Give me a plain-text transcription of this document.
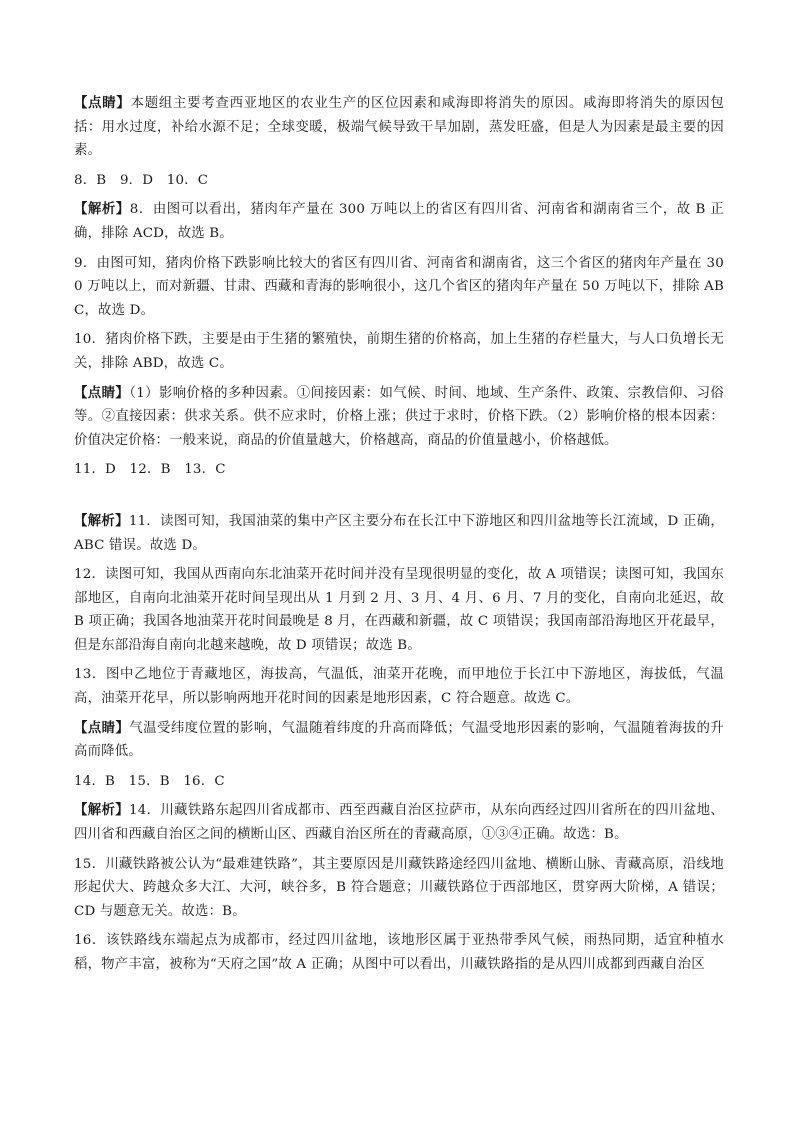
【点睛】本题组主要考查西亚地区的农业生产的区位因素和咸海即将消失的原因。咸海即将消失的原因包括：用水过度，补给水源不足；全球变暖，极端气候导致干旱加剧，蒸发旺盛，但是人为因素是最主要的因素。

8．B　9．D　10．C

【解析】8．由图可以看出，猪肉年产量在 300 万吨以上的省区有四川省、河南省和湖南省三个，故 B 正确，排除 ACD，故选 B。

9．由图可知，猪肉价格下跌影响比较大的省区有四川省、河南省和湖南省，这三个省区的猪肉年产量在 300 万吨以上，而对新疆、甘肃、西藏和青海的影响很小，这几个省区的猪肉年产量在 50 万吨以下，排除 ABC，故选 D。

10．猪肉价格下跌，主要是由于生猪的繁殖快，前期生猪的价格高，加上生猪的存栏量大，与人口负增长无关，排除 ABD，故选 C。

【点睛】（1）影响价格的多种因素。①间接因素：如气候、时间、地域、生产条件、政策、宗教信仰、习俗等。②直接因素：供求关系。供不应求时，价格上涨；供过于求时，价格下跌。（2）影响价格的根本因素：价值决定价格：一般来说，商品的价值量越大，价格越高，商品的价值量越小，价格越低。

11．D　12．B　13．C

【解析】11．读图可知，我国油菜的集中产区主要分布在长江中下游地区和四川盆地等长江流域，D 正确，ABC 错误。故选 D。

12．读图可知，我国从西南向东北油菜开花时间并没有呈现很明显的变化，故 A 项错误；读图可知，我国东部地区，自南向北油菜开花时间呈现出从 1 月到 2 月、3 月、4 月、6 月、7 月的变化，自南向北延迟，故 B 项正确；我国各地油菜开花时间最晚是 8 月，在西藏和新疆，故 C 项错误；我国南部沿海地区开花最早，但是东部沿海自南向北越来越晚，故 D 项错误；故选 B。

13．图中乙地位于青藏地区，海拔高，气温低，油菜开花晚，而甲地位于长江中下游地区，海拔低，气温高，油菜开花早，所以影响两地开花时间的因素是地形因素，C 符合题意。故选 C。

【点睛】气温受纬度位置的影响，气温随着纬度的升高而降低；气温受地形因素的影响，气温随着海拔的升高而降低。

14．B　15．B　16．C

【解析】14．川藏铁路东起四川省成都市、西至西藏自治区拉萨市，从东向西经过四川省所在的四川盆地、四川省和西藏自治区之间的横断山区、西藏自治区所在的青藏高原，①③④正确。故选：B。

15．川藏铁路被公认为“最难建铁路”，其主要原因是川藏铁路途经四川盆地、横断山脉、青藏高原，沿线地形起伏大、跨越众多大江、大河，峡谷多，B 符合题意；川藏铁路位于西部地区，贯穿两大阶梯，A 错误；CD 与题意无关。故选：B。

16．该铁路线东端起点为成都市，经过四川盆地，该地形区属于亚热带季风气候，雨热同期，适宜种植水稻，物产丰富，被称为“天府之国”故 A 正确；从图中可以看出，川藏铁路指的是从四川成都到西藏自治区
